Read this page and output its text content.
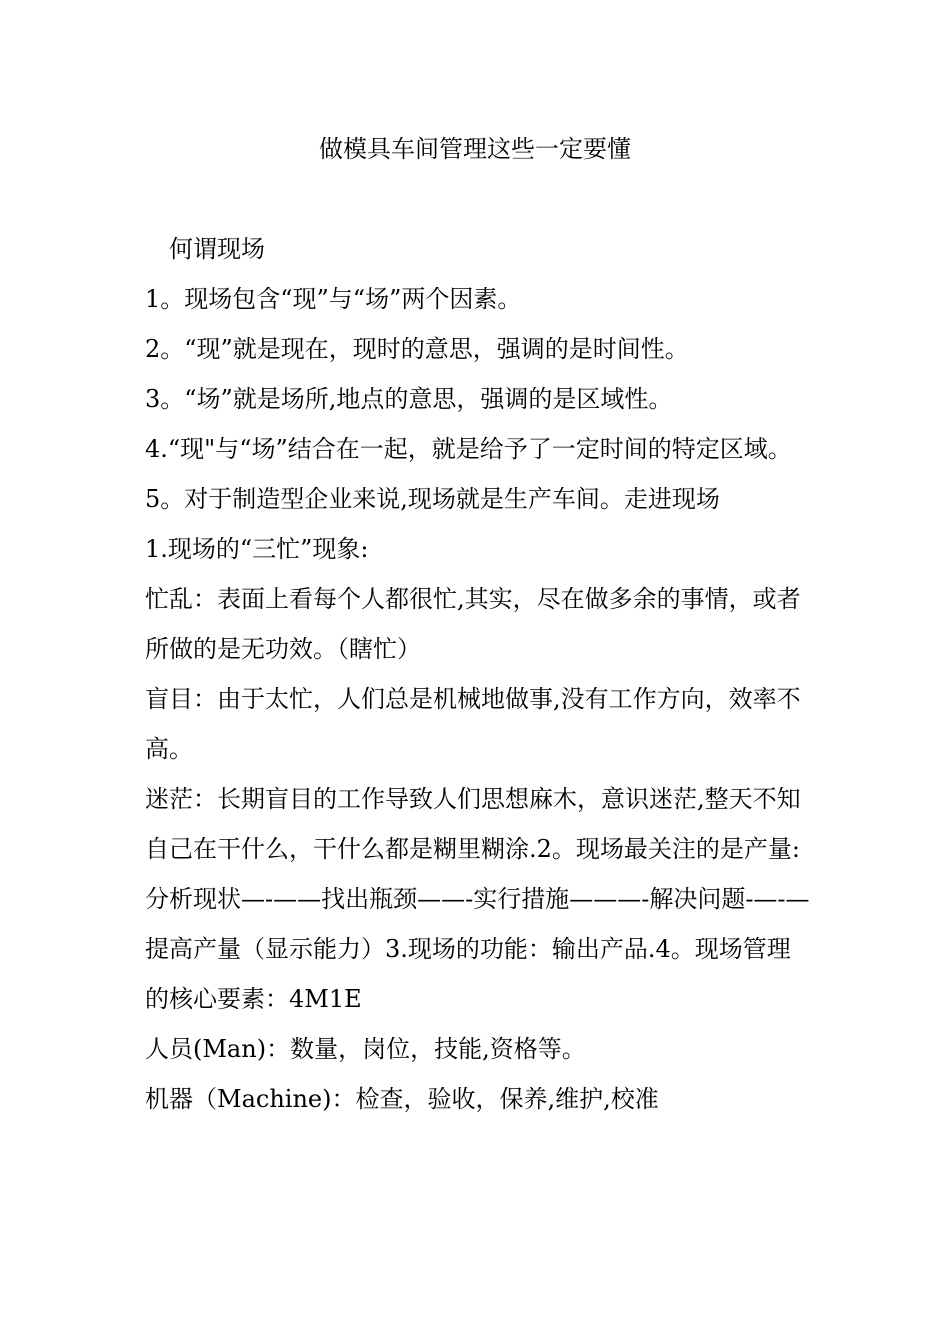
做模具车间管理这些一定要懂

何谓现场

1。现场包含“现”与“场”两个因素。

2。“现”就是现在，现时的意思，强调的是时间性。

3。“场”就是场所,地点的意思，强调的是区域性。

4.“现"与“场”结合在一起，就是给予了一定时间的特定区域。

5。对于制造型企业来说,现场就是生产车间。走进现场

1.现场的“三忙”现象:

忙乱：表面上看每个人都很忙,其实，尽在做多余的事情，或者所做的是无功效。（瞎忙）

盲目：由于太忙，人们总是机械地做事,没有工作方向，效率不高。

迷茫：长期盲目的工作导致人们思想麻木，意识迷茫,整天不知自己在干什么，干什么都是糊里糊涂.2。现场最关注的是产量:

分析现状—-——找出瓶颈——-实行措施———-解决问题-—-—提高产量（显示能力）3.现场的功能：输出产品.4。现场管理的核心要素：4M1E

人员(Man)：数量，岗位，技能,资格等。

机器（Machine)：检查，验收，保养,维护,校准
